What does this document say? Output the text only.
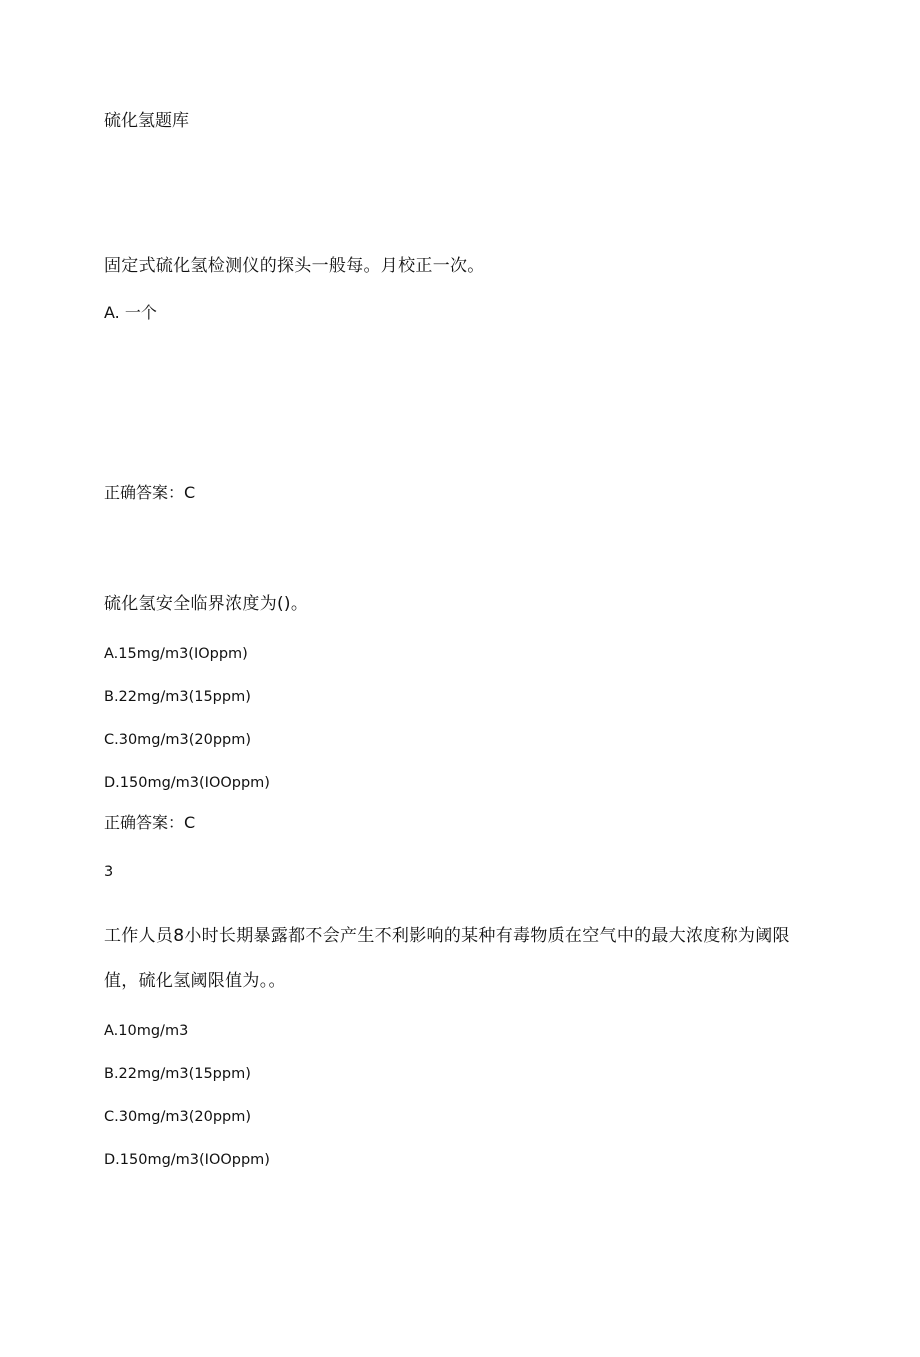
硫化氢题库
固定式硫化氢检测仪的探头一般每。月校正一次。
A. 一个
正确答案：C
硫化氢安全临界浓度为()。
A.15mg∕m3(IOppm)
B.22mg∕m3(15ppm)
C.30mg∕m3(20ppm)
D.150mg∕m3(IOOppm)
正确答案：C
3
工作人员8小时长期暴露都不会产生不利影响的某种有毒物质在空气中的最大浓度称为阈限
值，硫化氢阈限值为。。
A.10mg∕m3
B.22mg∕m3(15ppm)
C.30mg∕m3(20ppm)
D.150mg∕m3(IOOppm)
